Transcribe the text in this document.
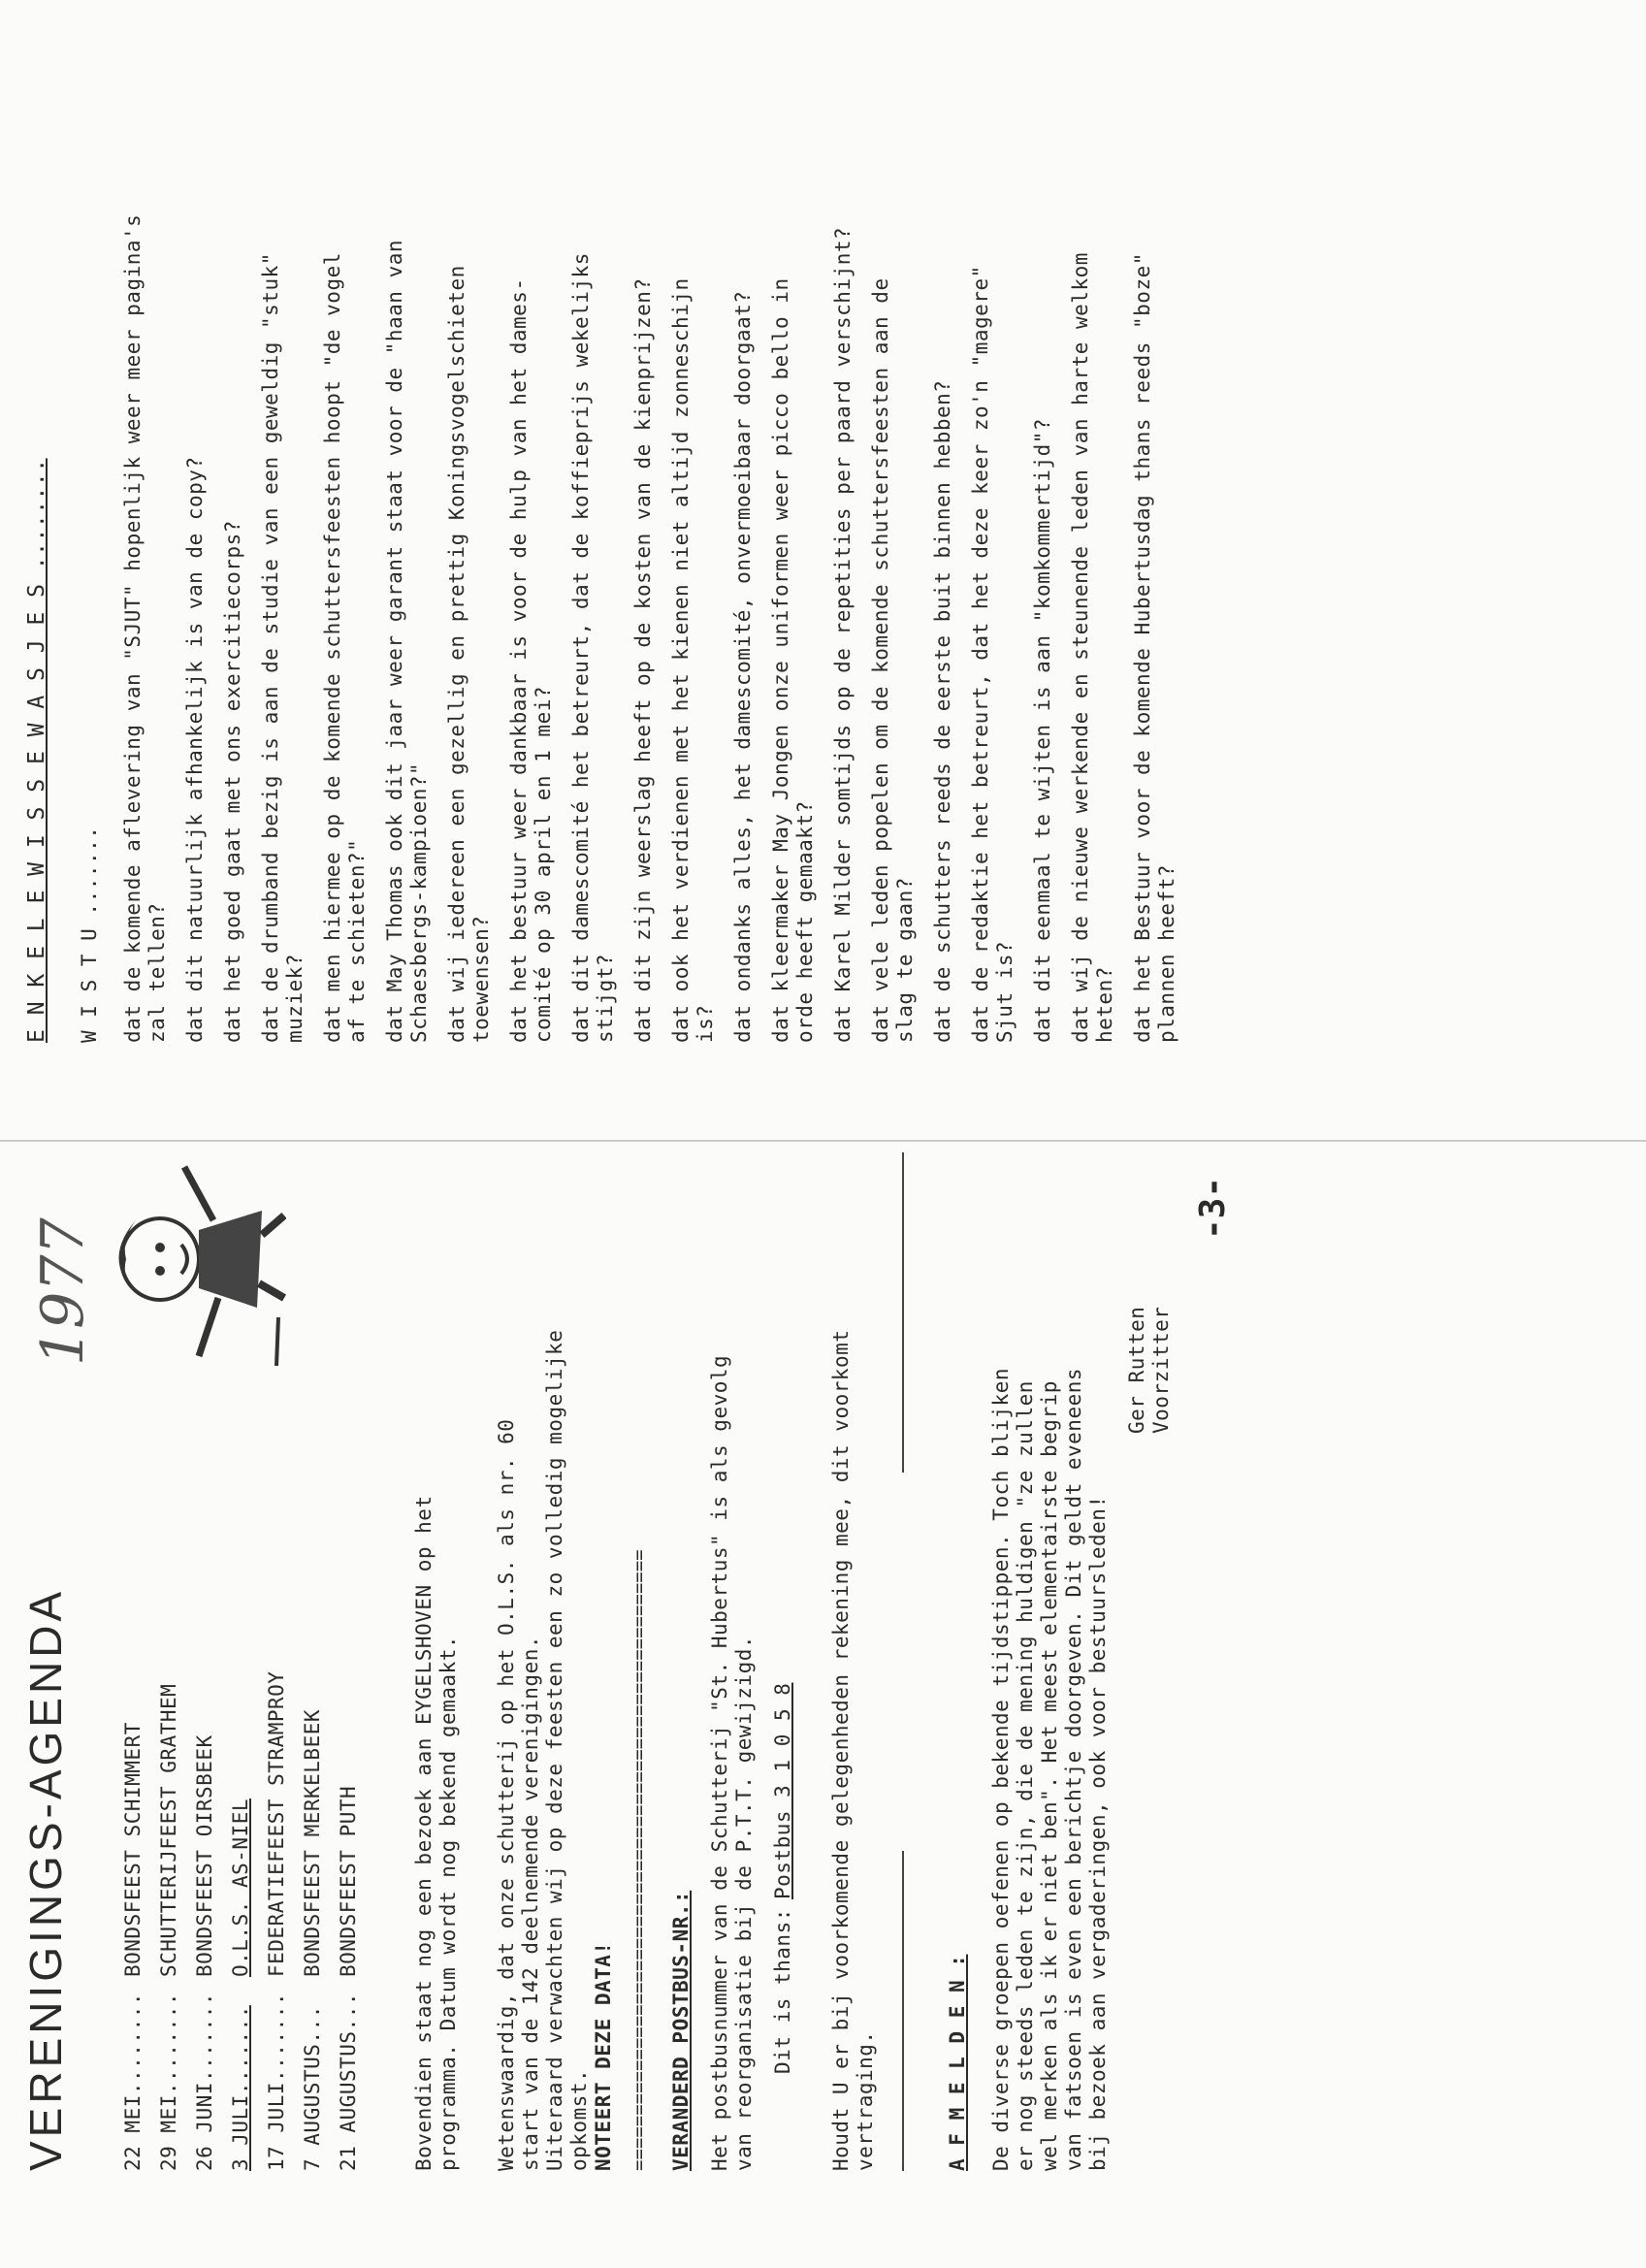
VERENIGINGS-AGENDA
1977
22 MEI........
BONDSFEEST SCHIMMERT
29 MEI........
SCHUTTERIJFEEST GRATHEM
26 JUNI.......
BONDSFEEST OIRSBEEK
3 JULI.......
O.L.S. AS-NIEL
17 JULI.......
FEDERATIEFEEST STRAMPROY
7 AUGUSTUS...
BONDSFEEST MERKELBEEK
21 AUGUSTUS...
BONDSFEEST PUTH	Bovendien staat nog een bezoek aan EYGELSHOVEN op het programma. Datum wordt nog bekend gemaakt. Wetenswaardig, dat onze schutterij op het O.L.S. als nr. 60 start van de 142 deelnemende verenigingen. Uiteraard verwachten wij op deze feesten een zo volledig mogelijke opkomst. NOTEERT DEZE DATA! ======================================================== VERANDERD POSTBUS-NR.: Het postbusnummer van de Schutterij "St. Hubertus" is als gevolg van reorganisatie bij de P.T.T. gewijzigd. Dit is thans:
Postbus 3 1 0 5 8 Houdt U er bij voorkomende gelegenheden rekening mee, dit voorkomt vertraging.	A F M E L D E N : De diverse groepen oefenen op bekende tijdstippen. Toch blijken er nog steeds leden te zijn, die de mening huldigen "ze zullen wel merken als ik er niet ben". Het meest elementairste begrip van fatsoen is even een berichtje doorgeven. Dit geldt eveneens bij bezoek aan vergaderingen, ook voor bestuursleden!
Ger Rutten Voorzitter
-3-
E N K E L E W I S S E W A S J E S ........ W I S T U ....... dat de komende aflevering van "SJUT" hopenlijk weer meer pagina's zal tellen? dat dit natuurlijk afhankelijk is van de copy? dat het goed gaat met ons exercitiecorps? dat de drumband bezig is aan de studie van een geweldig "stuk" muziek? dat men hiermee op de komende schuttersfeesten hoopt "de vogel af te schieten?" dat May Thomas ook dit jaar weer garant staat voor de "haan van Schaesbergs-kampioen?" dat wij iedereen een gezellig en prettig Koningsvogelschieten toewensen? dat het bestuur weer dankbaar is voor de hulp van het dames- comité op 30 april en 1 mei? dat dit damescomité het betreurt, dat de koffieprijs wekelijks stijgt? dat dit zijn weerslag heeft op de kosten van de kienprijzen? dat ook het verdienen met het kienen niet altijd zonneschijn is? dat ondanks alles, het damescomité, onvermoeibaar doorgaat? dat kleermaker May Jongen onze uniformen weer picco bello in orde heeft gemaakt? dat Karel Milder somtijds op de repetities per paard verschijnt? dat vele leden popelen om de komende schuttersfeesten aan de slag te gaan? dat de schutters reeds de eerste buit binnen hebben? dat de redaktie het betreurt, dat het deze keer zo'n "magere" Sjut is? dat dit eenmaal te wijten is aan "komkommertijd"? dat wij de nieuwe werkende en steunende leden van harte welkom heten? dat het Bestuur voor de komende Hubertusdag thans reeds "boze" plannen heeft?
